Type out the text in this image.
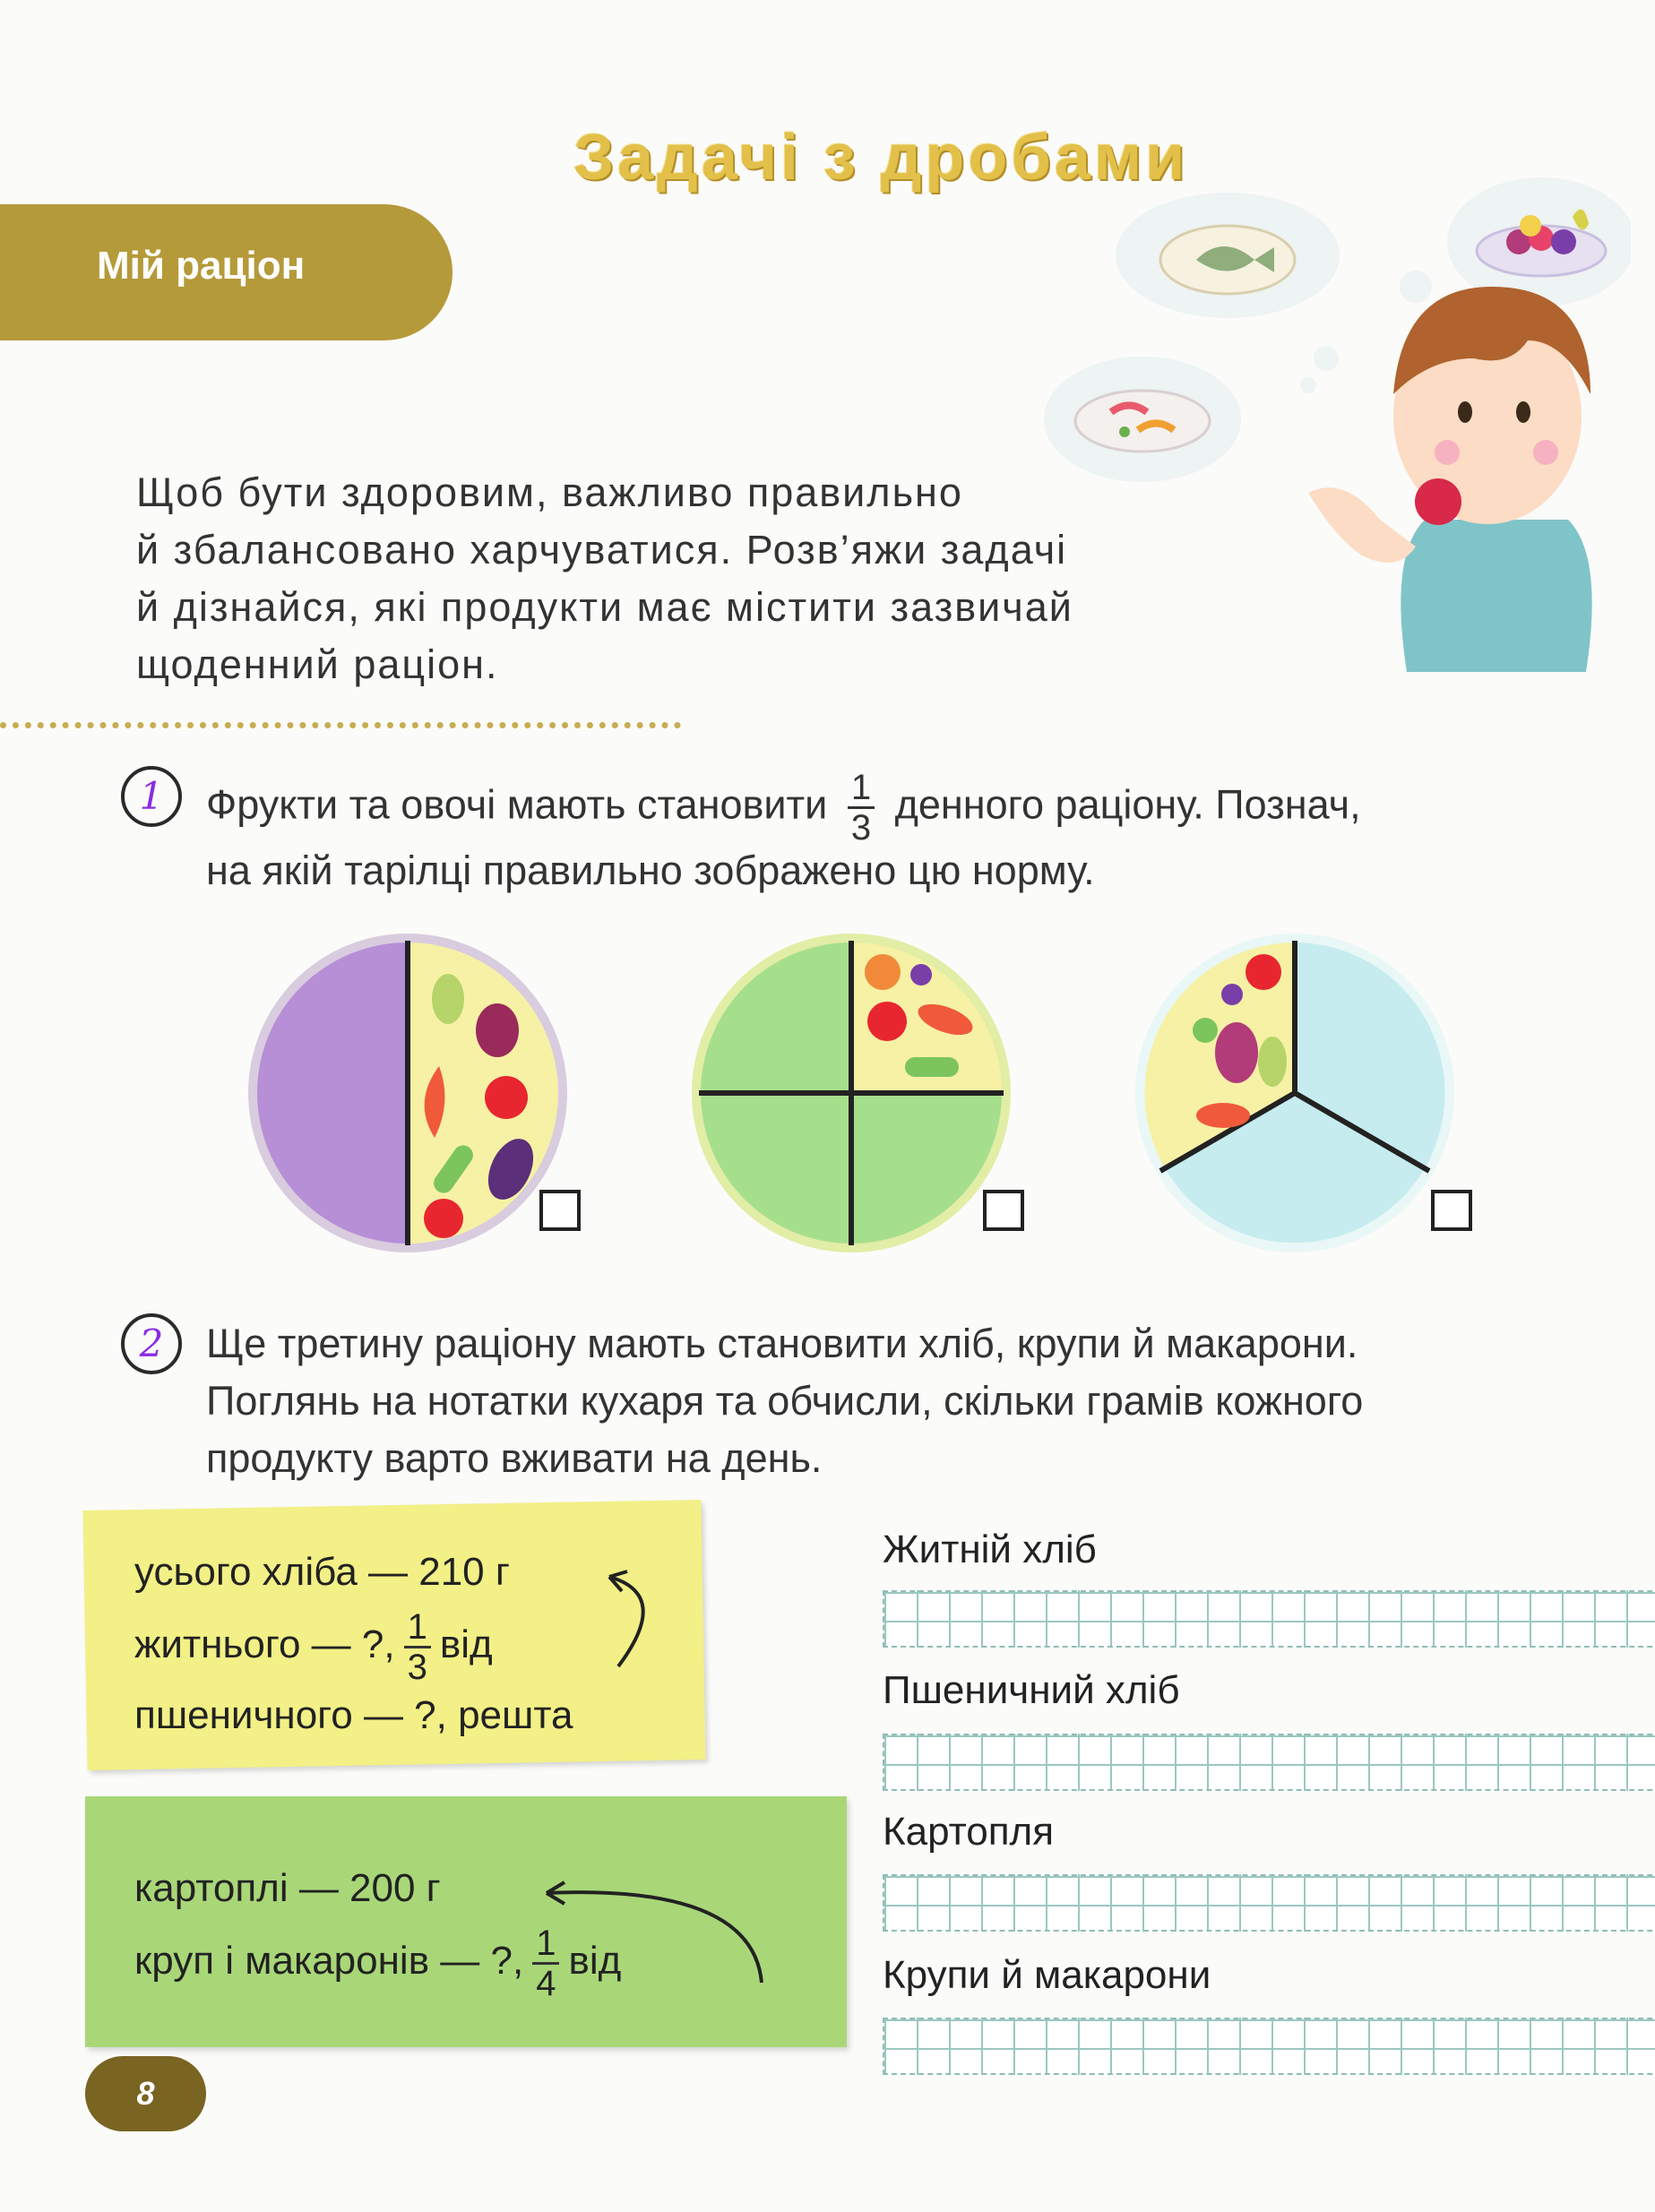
Задачі з дробами
Мій раціон
Щоб бути здоровим, важливо правильно
й збалансовано харчуватися. Розв’яжи задачі
й дізнайся, які продукти має містити зазвичай
щоденний раціон.
1	Фрукти та овочі мають становити $\frac{1}{3}$ денного раціону. Познач,
на якій тарілці правильно зображено цю норму.
2	Ще третину раціону мають становити хліб, крупи й макарони.
Поглянь на нотатки кухаря та обчисли, скільки грамів кожного
продукту варто вживати на день.
усього хліба — 210 г
житнього — ?, $\frac{1}{3}$ від
пшеничного — ?, решта
картоплі — 200 г
круп і макаронів — ?, $\frac{1}{4}$ від
Житній хліб
Пшеничний хліб
Картопля
Крупи й макарони
8
